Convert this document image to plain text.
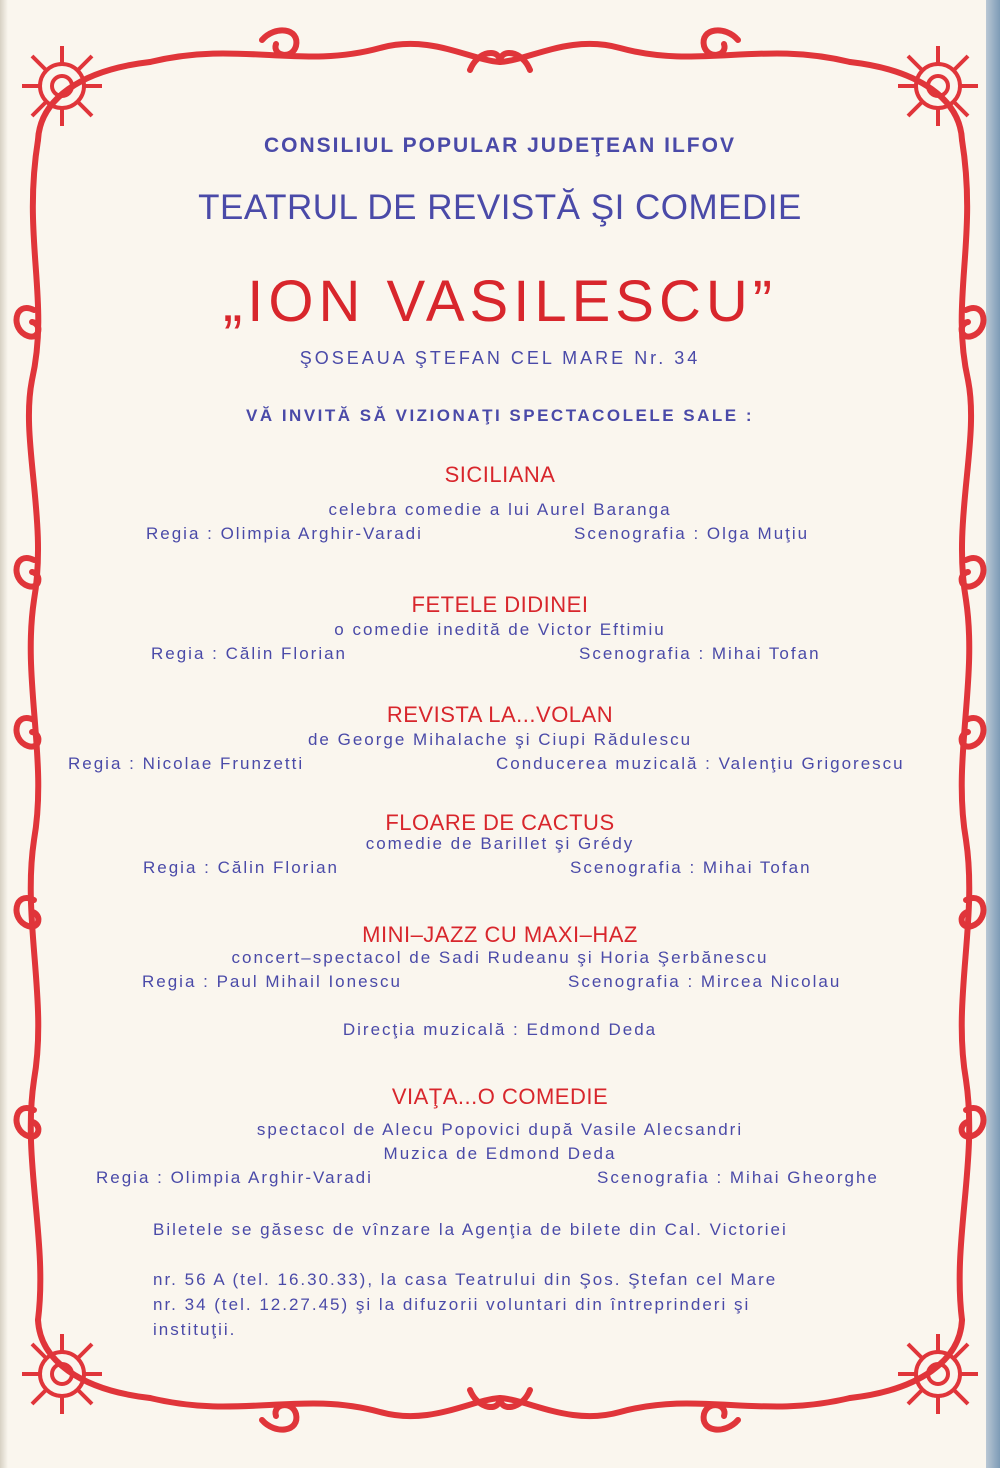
CONSILIUL POPULAR JUDEŢEAN ILFOV

TEATRUL DE REVISTĂ ŞI COMEDIE

„ION VASILESCU”

ŞOSEAUA ŞTEFAN CEL MARE Nr. 34

VĂ INVITĂ SĂ VIZIONAŢI SPECTACOLELE SALE :

SICILIANA

celebra comedie a lui Aurel Baranga

Regia : Olimpia Arghir-Varadi	Scenografia : Olga Muţiu

FETELE DIDINEI

o comedie inedită de Victor Eftimiu

Regia : Călin Florian	Scenografia : Mihai Tofan

REVISTA LA...VOLAN

de George Mihalache şi Ciupi Rădulescu

Regia : Nicolae Frunzetti	Conducerea muzicală : Valenţiu Grigorescu

FLOARE DE CACTUS

comedie de Barillet şi Grédy

Regia : Călin Florian	Scenografia : Mihai Tofan

MINI–JAZZ CU MAXI–HAZ

concert–spectacol de Sadi Rudeanu şi Horia Şerbănescu

Regia : Paul Mihail Ionescu	Scenografia : Mircea Nicolau

Direcţia muzicală : Edmond Deda

VIAŢA...O COMEDIE

spectacol de Alecu Popovici după Vasile Alecsandri

Muzica de Edmond Deda

Regia : Olimpia Arghir-Varadi	Scenografia : Mihai Gheorghe

Biletele se găsesc de vînzare la Agenţia de bilete din Cal. Victoriei

nr. 56 A (tel. 16.30.33), la casa Teatrului din Şos. Ştefan cel Mare

nr. 34 (tel. 12.27.45) şi la difuzorii voluntari din întreprinderi şi

instituţii.
